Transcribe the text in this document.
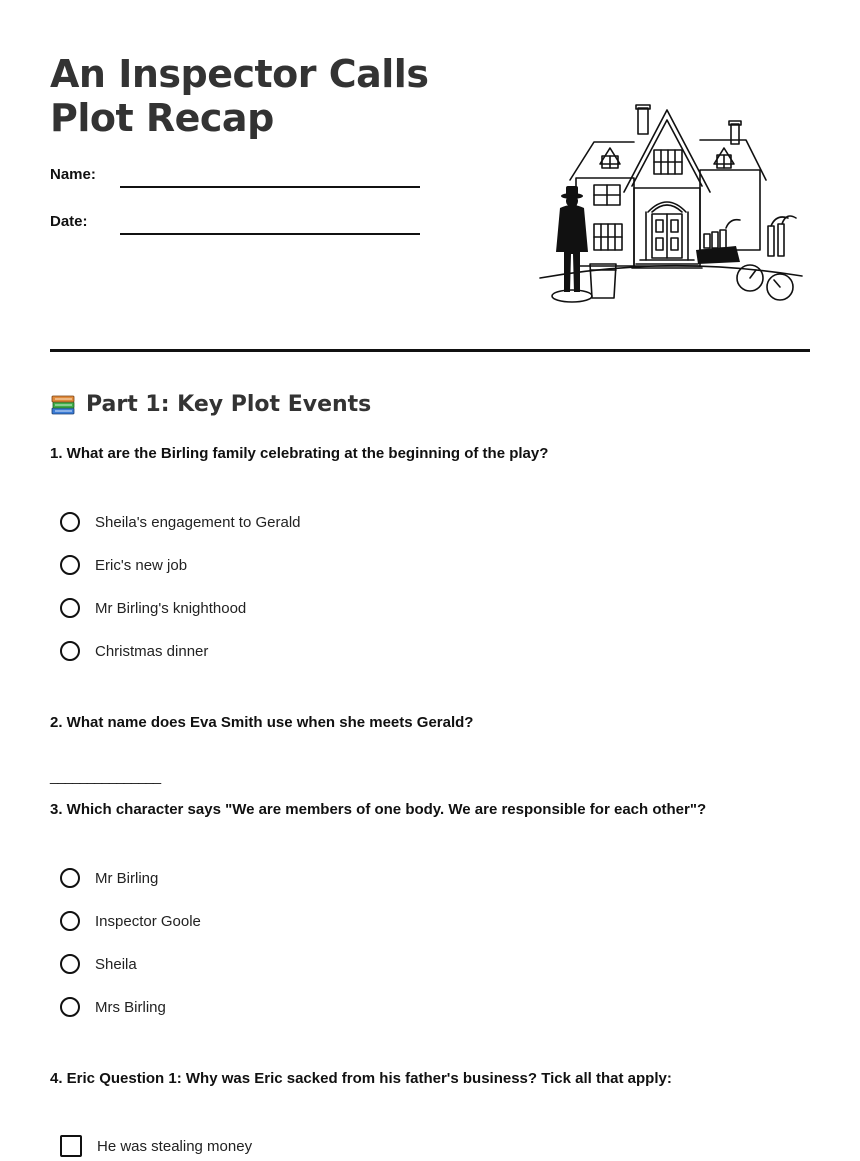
An Inspector Calls Plot Recap
Name:
Date:
Part 1: Key Plot Events
1. What are the Birling family celebrating at the beginning of the play?
Sheila's engagement to Gerald
Eric's new job
Mr Birling's knighthood
Christmas dinner
2. What name does Eva Smith use when she meets Gerald?
_______________
3. Which character says "We are members of one body. We are responsible for each other"?
Mr Birling
Inspector Goole
Sheila
Mrs Birling
4. Eric Question 1: Why was Eric sacked from his father's business? Tick all that apply:
He was stealing money
